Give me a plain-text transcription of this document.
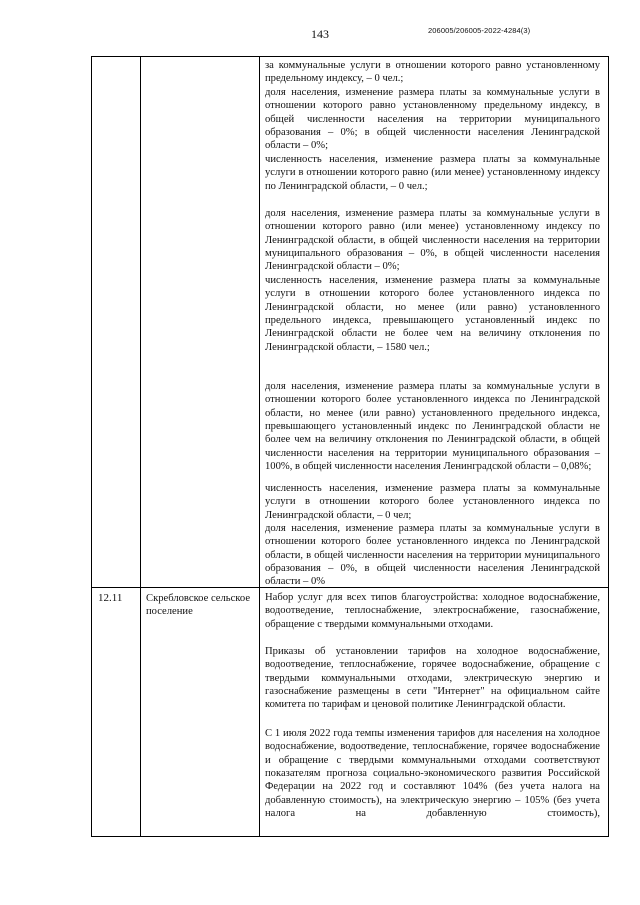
143	206005/206005-2022-4284(3)

за коммунальные услуги в отношении которого равно установленному предельному индексу, – 0 чел.;

доля населения, изменение размера платы за коммунальные услуги в отношении которого равно установленному предельному индексу, в общей численности населения на территории муниципального образования – 0%; в общей численности населения Ленинградской области – 0%;

численность населения, изменение размера платы за коммунальные услуги в отношении которого равно (или менее) установленному индексу по Ленинградской области, – 0 чел.;

доля населения, изменение размера платы за коммунальные услуги в отношении которого равно (или менее) установленному индексу по Ленинградской области, в общей численности населения на территории муниципального образования – 0%, в общей численности населения Ленинградской области – 0%;

численность населения, изменение размера платы за коммунальные услуги в отношении которого более установленного индекса по Ленинградской области, но менее (или равно) установленного предельного индекса, превышающего установленный индекс по Ленинградской области не более чем на величину отклонения по Ленинградской области, – 1580 чел.;

доля населения, изменение размера платы за коммунальные услуги в отношении которого более установленного индекса по Ленинградской области, но менее (или равно) установленного предельного индекса, превышающего установленный индекс по Ленинградской области не более чем на величину отклонения по Ленинградской области, в общей численности населения на территории муниципального образования – 100%, в общей численности населения Ленинградской области – 0,08%;

численность населения, изменение размера платы за коммунальные услуги в отношении которого более установленного индекса по Ленинградской области, – 0 чел;

доля населения, изменение размера платы за коммунальные услуги в отношении которого более установленного индекса по Ленинградской области, в общей численности населения на территории муниципального образования – 0%, в общей численности населения Ленинградской области – 0%

12.11 Скребловское сельское поселение

Набор услуг для всех типов благоустройства: холодное водоснабжение, водоотведение, теплоснабжение, электроснабжение, газоснабжение, обращение с твердыми коммунальными отходами.

Приказы об установлении тарифов на холодное водоснабжение, водоотведение, теплоснабжение, горячее водоснабжение, обращение с твердыми коммунальными отходами, электрическую энергию и газоснабжение размещены в сети "Интернет" на официальном сайте комитета по тарифам и ценовой политике Ленинградской области.

С 1 июля 2022 года темпы изменения тарифов для населения на холодное водоснабжение, водоотведение, теплоснабжение, горячее водоснабжение и обращение с твердыми коммунальными отходами соответствуют показателям прогноза социально-экономического развития Российской Федерации на 2022 год и составляют 104% (без учета налога на добавленную стоимость), на электрическую энергию – 105% (без учета налога на добавленную стоимость),
